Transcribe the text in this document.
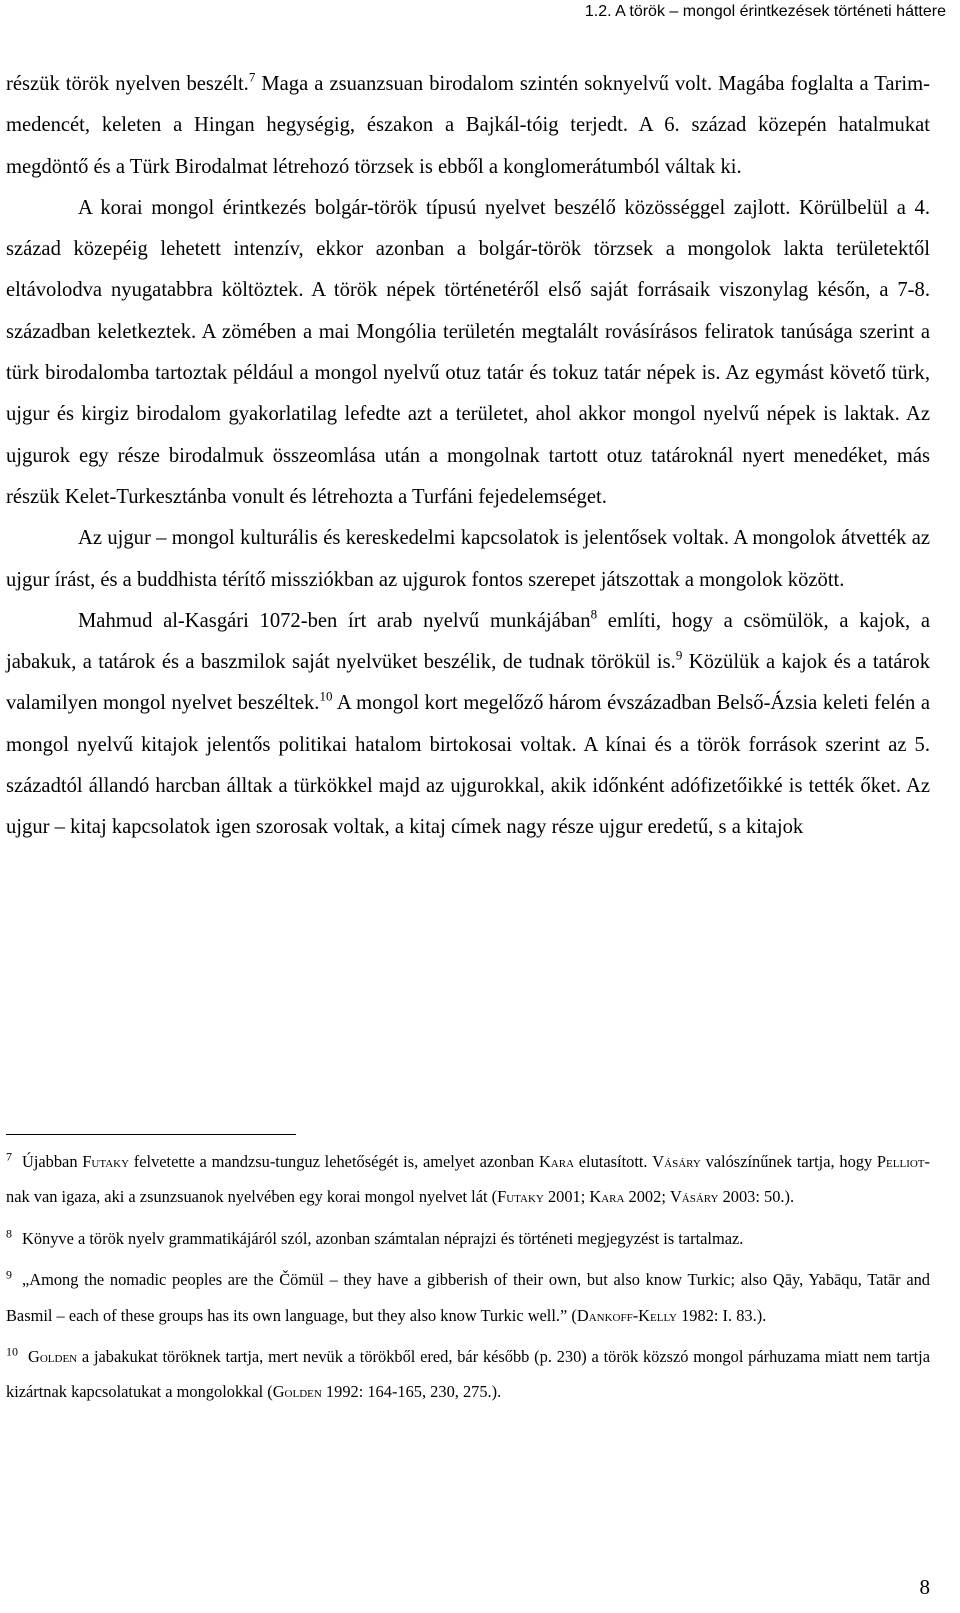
1.2. A török – mongol érintkezések történeti háttere

részük török nyelven beszélt.$^7$ Maga a zsuanzsuan birodalom szintén soknyelvű volt. Magába foglalta a Tarim-medencét, keleten a Hingan hegységig, északon a Bajkál-tóig terjedt. A 6. század közepén hatalmukat megdöntő és a Türk Birodalmat létrehozó törzsek is ebből a konglomerátumból váltak ki.

A korai mongol érintkezés bolgár-török típusú nyelvet beszélő közösséggel zajlott. Körülbelül a 4. század közepéig lehetett intenzív, ekkor azonban a bolgár-török törzsek a mongolok lakta területektől eltávolodva nyugatabbra költöztek. A török népek történetéről első saját forrásaik viszonylag későn, a 7-8. században keletkeztek. A zömében a mai Mongólia területén megtalált rovásírásos feliratok tanúsága szerint a türk birodalomba tartoztak például a mongol nyelvű otuz tatár és tokuz tatár népek is. Az egymást követő türk, ujgur és kirgiz birodalom gyakorlatilag lefedte azt a területet, ahol akkor mongol nyelvű népek is laktak. Az ujgurok egy része birodalmuk összeomlása után a mongolnak tartott otuz tatároknál nyert menedéket, más részük Kelet-Turkesztánba vonult és létrehozta a Turfáni fejedelemséget.

Az ujgur – mongol kulturális és kereskedelmi kapcsolatok is jelentősek voltak. A mongolok átvették az ujgur írást, és a buddhista térítő missziókban az ujgurok fontos szerepet játszottak a mongolok között.

Mahmud al-Kasgári 1072-ben írt arab nyelvű munkájában$^8$ említi, hogy a csömülök, a kajok, a jabakuk, a tatárok és a baszmilok saját nyelvüket beszélik, de tudnak törökül is.$^9$ Közülük a kajok és a tatárok valamilyen mongol nyelvet beszéltek.$^{10}$ A mongol kort megelőző három évszázadban Belső-Ázsia keleti felén a mongol nyelvű kitajok jelentős politikai hatalom birtokosai voltak. A kínai és a török források szerint az 5. századtól állandó harcban álltak a türkökkel majd az ujgurokkal, akik időnként adófizetőikké is tették őket. Az ujgur – kitaj kapcsolatok igen szorosak voltak, a kitaj címek nagy része ujgur eredetű, s a kitajok

$^7$ Újabban Futaky felvetette a mandzsu-tunguz lehetőségét is, amelyet azonban Kara elutasított. Vásáry valószínűnek tartja, hogy Pelliot-nak van igaza, aki a zsunzsuanok nyelvében egy korai mongol nyelvet lát (Futaky 2001; Kara 2002; Vásáry 2003: 50.).

$^8$ Könyve a török nyelv grammatikájáról szól, azonban számtalan néprajzi és történeti megjegyzést is tartalmaz.

$^9$ „Among the nomadic peoples are the Čömül – they have a gibberish of their own, but also know Turkic; also Qāy, Yabāqu, Tatār and Basmil – each of these groups has its own language, but they also know Turkic well.” (Dankoff-Kelly 1982: I. 83.).

$^{10}$ Golden a jabakukat töröknek tartja, mert nevük a törökből ered, bár később (p. 230) a török közszó mongol párhuzama miatt nem tartja kizártnak kapcsolatukat a mongolokkal (Golden 1992: 164-165, 230, 275.).

8
